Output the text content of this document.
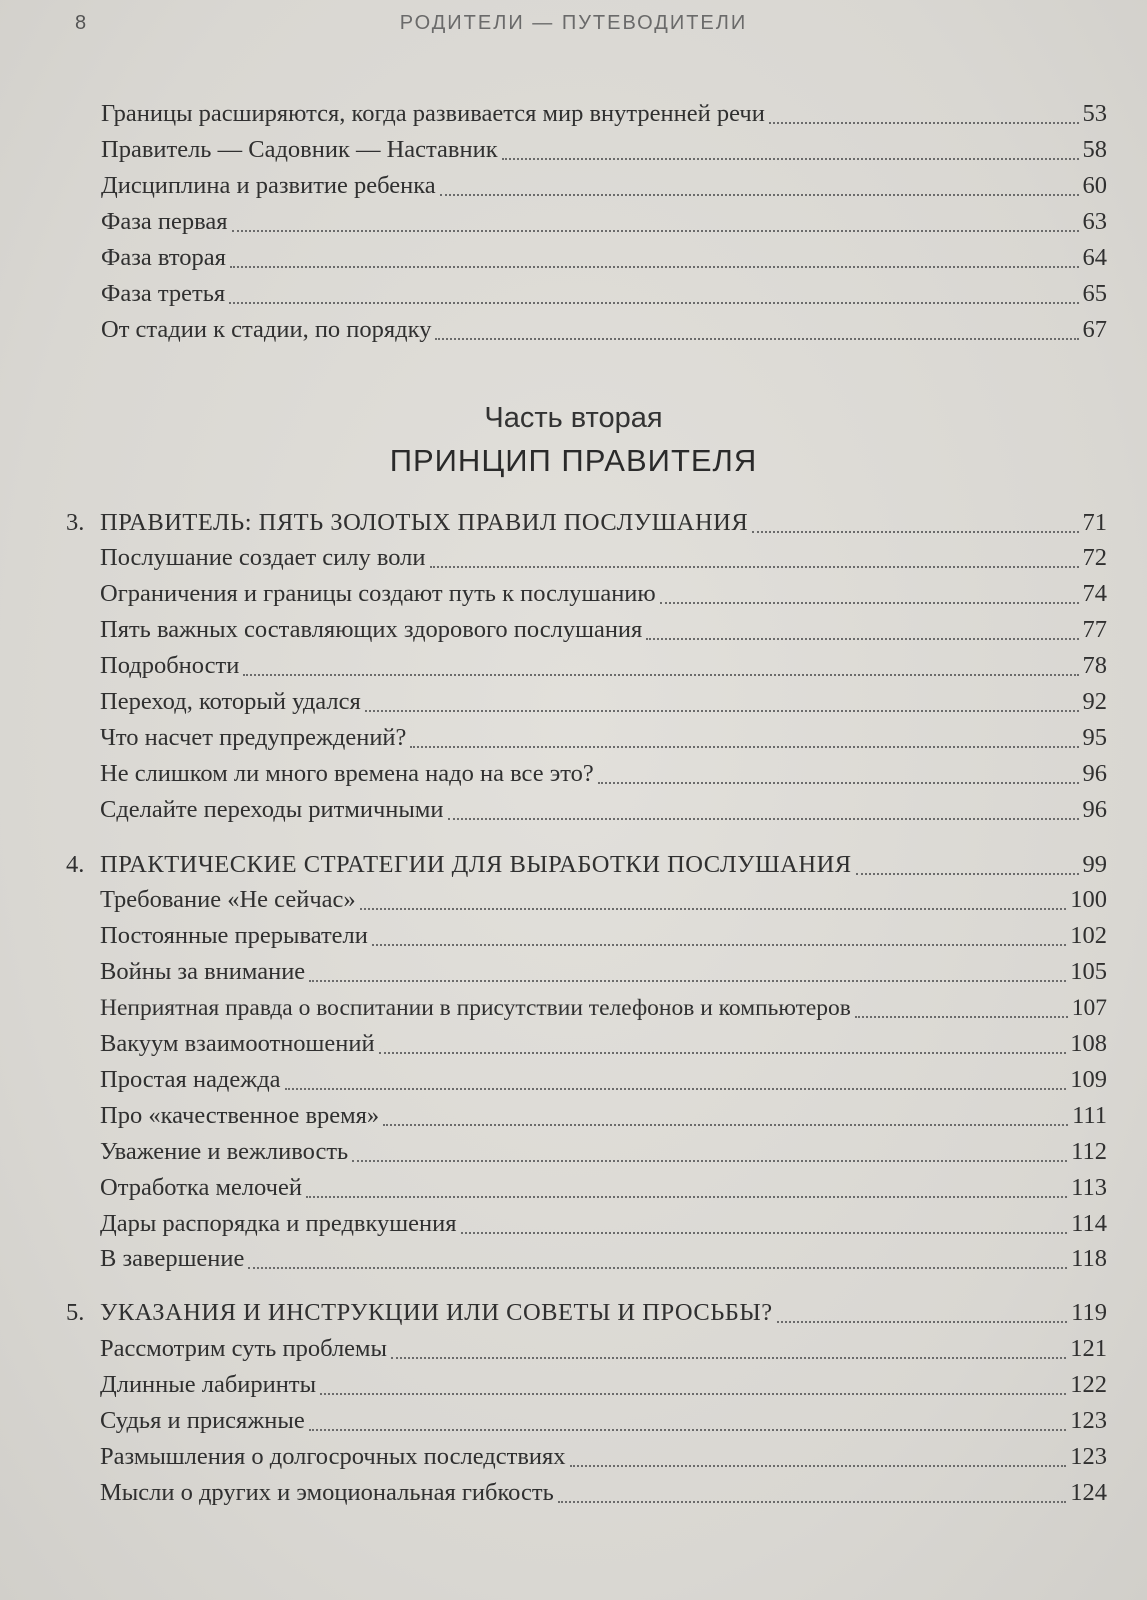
8	РОДИТЕЛИ — ПУТЕВОДИТЕЛИ
Границы расширяются, когда развивается мир внутренней речи	53
Правитель — Садовник — Наставник	58
Дисциплина и развитие ребенка	60
Фаза первая	63
Фаза вторая	64
Фаза третья	65
От стадии к стадии, по порядку	67
Часть вторая
ПРИНЦИП ПРАВИТЕЛЯ
3. ПРАВИТЕЛЬ: ПЯТЬ ЗОЛОТЫХ ПРАВИЛ ПОСЛУШАНИЯ	71
Послушание создает силу воли	72
Ограничения и границы создают путь к послушанию	74
Пять важных составляющих здорового послушания	77
Подробности	78
Переход, который удался	92
Что насчет предупреждений?	95
Не слишком ли много времена надо на все это?	96
Сделайте переходы ритмичными	96
4. ПРАКТИЧЕСКИЕ СТРАТЕГИИ ДЛЯ ВЫРАБОТКИ ПОСЛУШАНИЯ	99
Требование «Не сейчас»	100
Постоянные прерыватели	102
Войны за внимание	105
Неприятная правда о воспитании в присутствии телефонов и компьютеров	107
Вакуум взаимоотношений	108
Простая надежда	109
Про «качественное время»	111
Уважение и вежливость	112
Отработка мелочей	113
Дары распорядка и предвкушения	114
В завершение	118
5. УКАЗАНИЯ И ИНСТРУКЦИИ ИЛИ СОВЕТЫ И ПРОСЬБЫ?	119
Рассмотрим суть проблемы	121
Длинные лабиринты	122
Судья и присяжные	123
Размышления о долгосрочных последствиях	123
Мысли о других и эмоциональная гибкость	124
